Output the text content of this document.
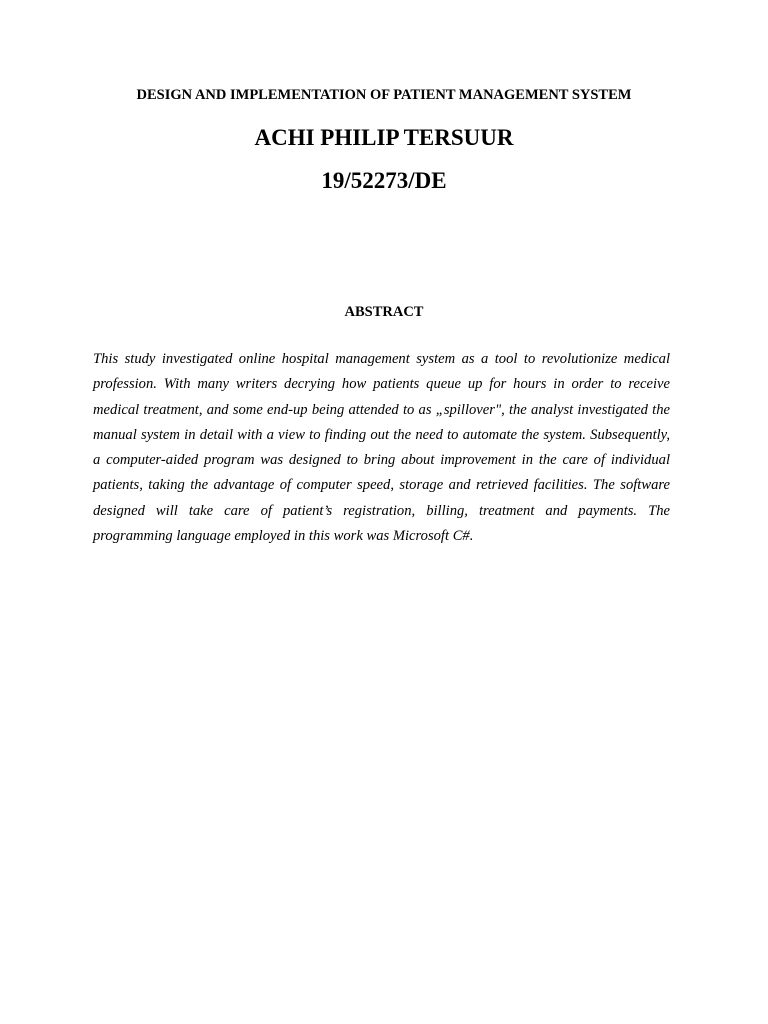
DESIGN AND IMPLEMENTATION OF PATIENT MANAGEMENT SYSTEM
ACHI PHILIP TERSUUR
19/52273/DE
ABSTRACT
This study investigated online hospital management system as a tool to revolutionize medical profession. With many writers decrying how patients queue up for hours in order to receive medical treatment, and some end-up being attended to as „spillover", the analyst investigated the manual system in detail with a view to finding out the need to automate the system. Subsequently, a computer-aided program was designed to bring about improvement in the care of individual patients, taking the advantage of computer speed, storage and retrieved facilities. The software designed will take care of patient’s registration, billing, treatment and payments. The programming language employed in this work was Microsoft C#.
